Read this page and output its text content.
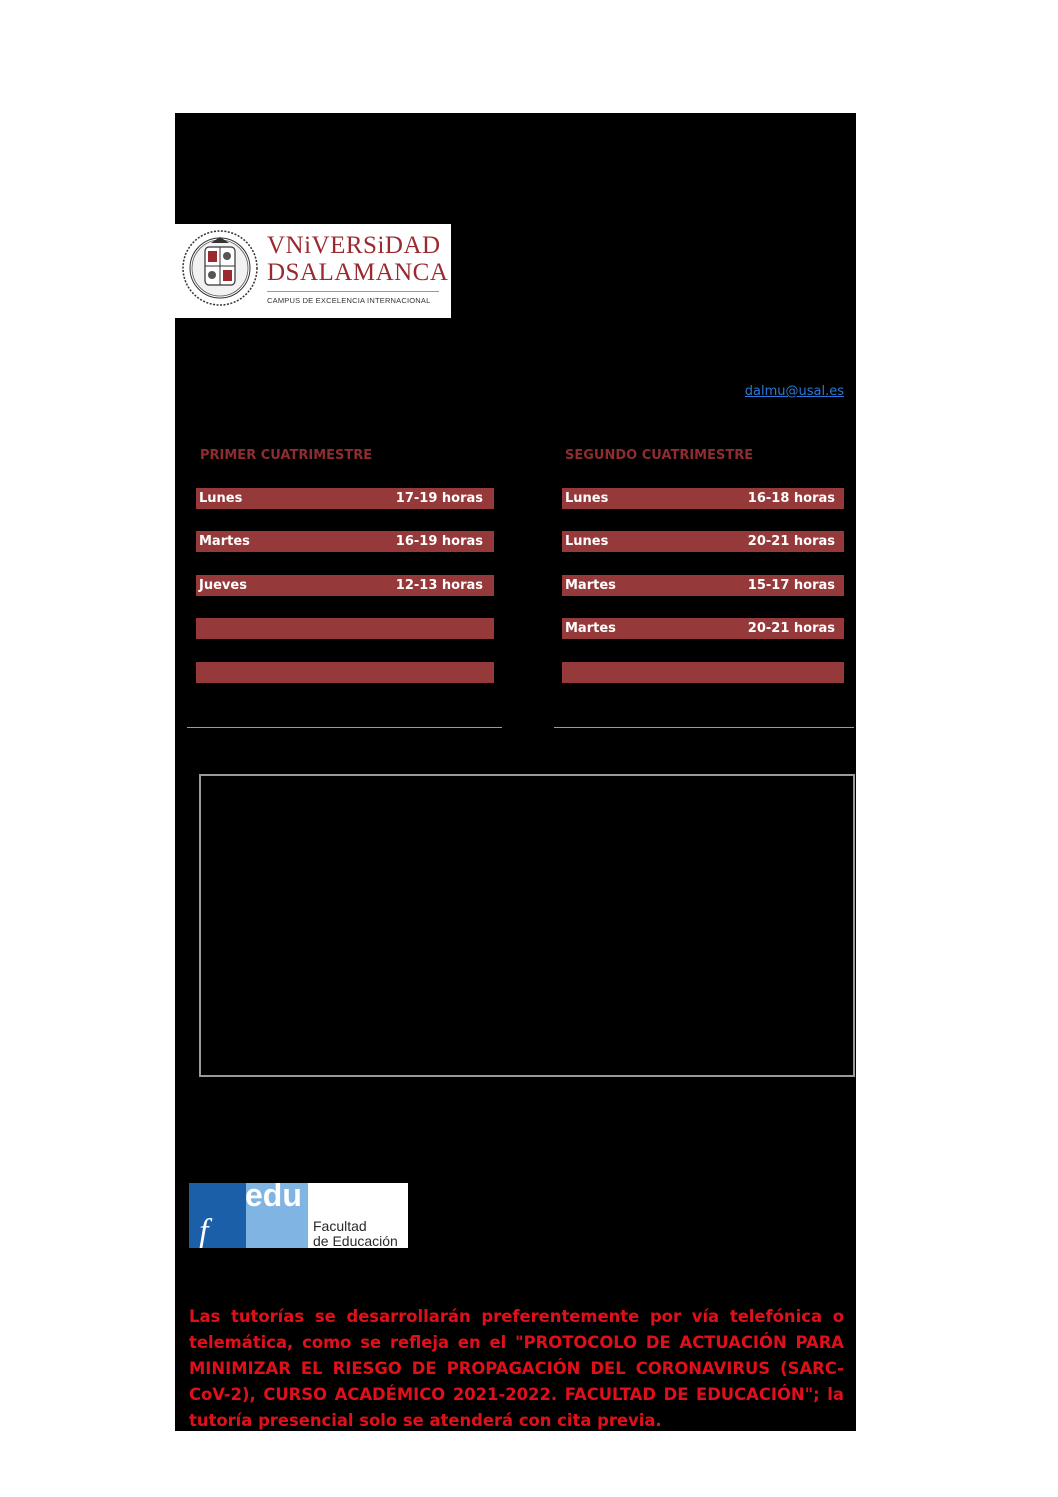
VNiVERSiDAD
DSALAMANCA
CAMPUS DE EXCELENCIA INTERNACIONAL
dalmu@usal.es
PRIMER CUATRIMESTRE	SEGUNDO CUATRIMESTRE
Lunes	17-19 horas
Martes	16-19 horas
Jueves	12-13 horas
Lunes	16-18 horas
Lunes	20-21 horas
Martes	15-17 horas
Martes	20-21 horas
f
edu
Facultad
de Educación

Las tutorías se desarrollarán preferentemente por vía telefónica o telemática, como se refleja en el "PROTOCOLO DE ACTUACIÓN PARA MINIMIZAR EL RIESGO DE PROPAGACIÓN DEL CORONAVIRUS (SARC-CoV-2), CURSO ACADÉMICO 2021-2022. FACULTAD DE EDUCACIÓN"; la tutoría presencial solo se atenderá con cita previa.
